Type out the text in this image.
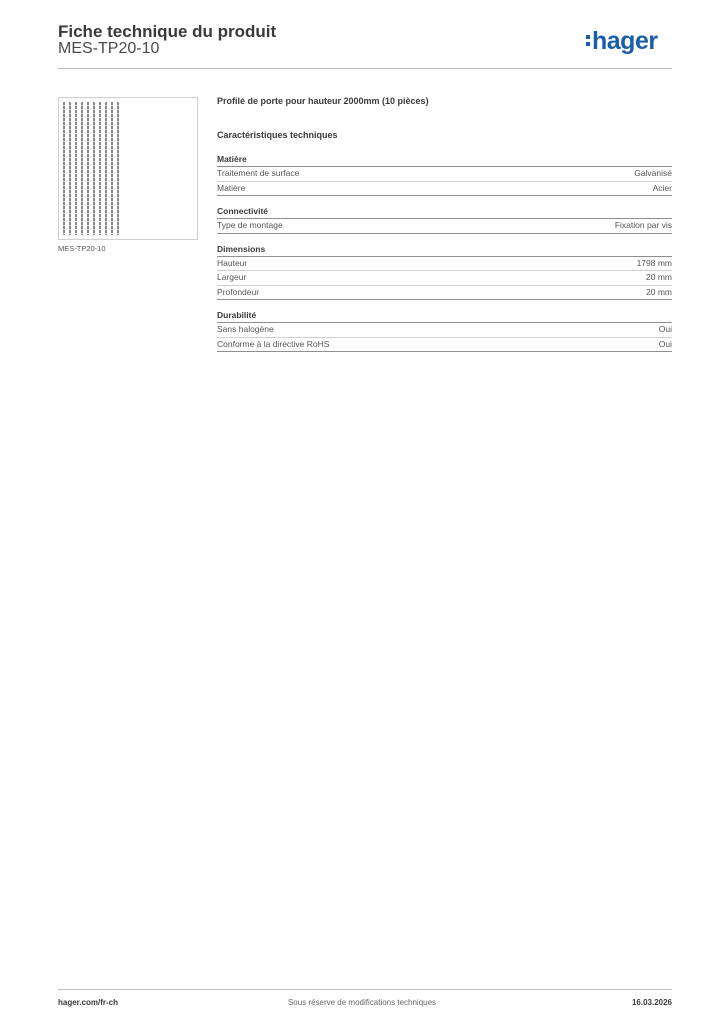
Fiche technique du produit
MES-TP20-10	hager
MES-TP20-10
Profilé de porte pour hauteur 2000mm (10 pièces)
Caractéristiques techniques
Matière
Traitement de surface	Galvanisé
Matière	Acier
Connectivité
Type de montage	Fixation par vis
Dimensions
Hauteur	1798 mm
Largeur	20 mm
Profondeur	20 mm
Durabilité
Sans halogène	Oui
Conforme à la directive RoHS	Oui
Sous réserve de modifications techniques
hager.com/fr-ch	16.03.2026
